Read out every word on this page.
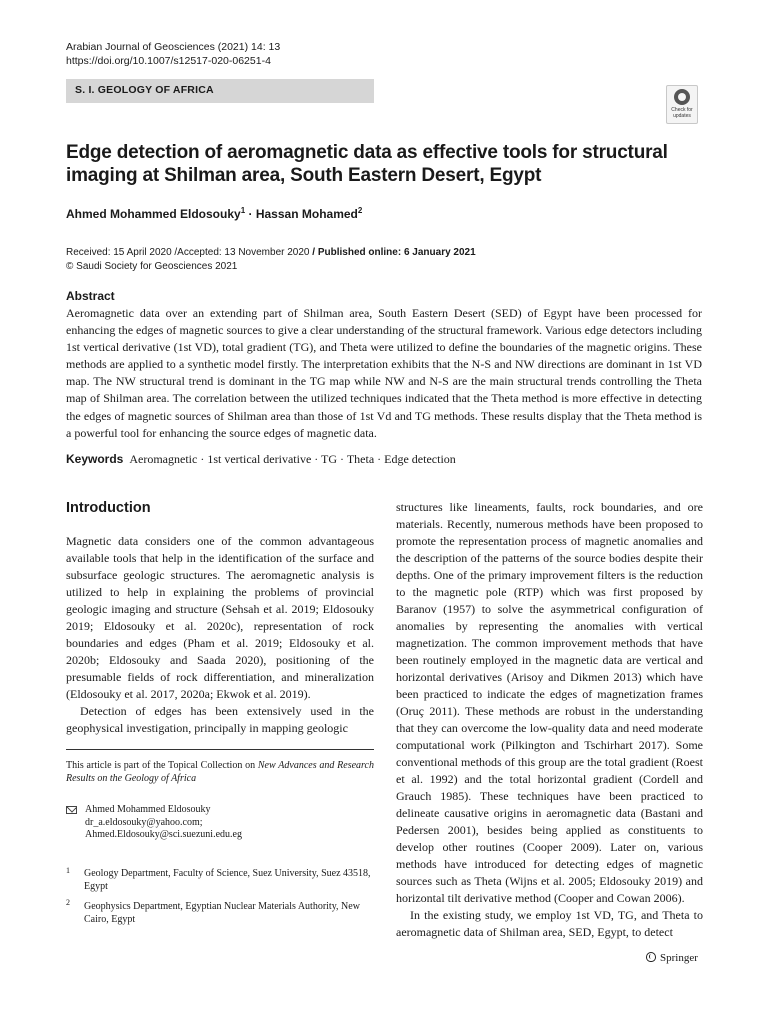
Arabian Journal of Geosciences (2021) 14: 13
https://doi.org/10.1007/s12517-020-06251-4
S. I. GEOLOGY OF AFRICA
Check for updates
Edge detection of aeromagnetic data as effective tools for structural imaging at Shilman area, South Eastern Desert, Egypt
Ahmed Mohammed Eldosouky$^1$ · Hassan Mohamed$^2$
Received: 15 April 2020 /Accepted: 13 November 2020 / Published online: 6 January 2021
© Saudi Society for Geosciences 2021
Abstract
Aeromagnetic data over an extending part of Shilman area, South Eastern Desert (SED) of Egypt have been processed for enhancing the edges of magnetic sources to give a clear understanding of the structural framework. Various edge detectors including 1st vertical derivative (1st VD), total gradient (TG), and Theta were utilized to define the boundaries of the magnetic origins. These methods are applied to a synthetic model firstly. The interpretation exhibits that the N-S and NW directions are dominant in 1st VD map. The NW structural trend is dominant in the TG map while NW and N-S are the main structural trends controlling the Theta map of Shilman area. The correlation between the utilized techniques indicated that the Theta method is more effective in detecting the edges of magnetic sources of Shilman area than those of 1st Vd and TG methods. These results display that the Theta method is a powerful tool for enhancing the source edges of magnetic data.
Keywords Aeromagnetic · 1st vertical derivative · TG · Theta · Edge detection
Introduction

Magnetic data considers one of the common advantageous available tools that help in the identification of the surface and subsurface geologic structures. The aeromagnetic analysis is utilized to help in explaining the problems of provincial geologic imaging and structure (Sehsah et al. 2019; Eldosouky 2019; Eldosouky et al. 2020c), representation of rock boundaries and edges (Pham et al. 2019; Eldosouky et al. 2020b; Eldosouky and Saada 2020), positioning of the presumable fields of rock differentiation, and mineralization (Eldosouky et al. 2017, 2020a; Ekwok et al. 2019).

Detection of edges has been extensively used in the geophysical investigation, principally in mapping geologic

structures like lineaments, faults, rock boundaries, and ore materials. Recently, numerous methods have been proposed to promote the representation process of magnetic anomalies and the description of the patterns of the source bodies despite their depths. One of the primary improvement filters is the reduction to the magnetic pole (RTP) which was first proposed by Baranov (1957) to solve the asymmetrical configuration of anomalies by representing the anomalies with vertical magnetization. The common improvement methods that have been routinely employed in the magnetic data are vertical and horizontal derivatives (Arisoy and Dikmen 2013) which have been practiced to indicate the edges of magnetization frames (Oruç 2011). These methods are robust in the understanding that they can overcome the low-quality data and need moderate computational work (Pilkington and Tschirhart 2017). Some conventional methods of this group are the total gradient (Roest et al. 1992) and the total horizontal gradient (Cordell and Grauch 1985). These techniques have been practiced to delineate causative origins in aeromagnetic data (Bastani and Pedersen 2001), besides being applied as constituents to develop other routines (Cooper 2009). Later on, various methods have introduced for detecting edges of magnetic sources such as Theta (Wijns et al. 2005; Eldosouky 2019) and horizontal tilt derivative method (Cooper and Cowan 2006).

In the existing study, we employ 1st VD, TG, and Theta to aeromagnetic data of Shilman area, SED, Egypt, to detect

This article is part of the Topical Collection on New Advances and Research Results on the Geology of Africa
Ahmed Mohammed Eldosouky
dr_a.eldosouky@yahoo.com;
Ahmed.Eldosouky@sci.suezuni.edu.eg
1 Geology Department, Faculty of Science, Suez University, Suez 43518, Egypt
2 Geophysics Department, Egyptian Nuclear Materials Authority, New Cairo, Egypt
Springer
